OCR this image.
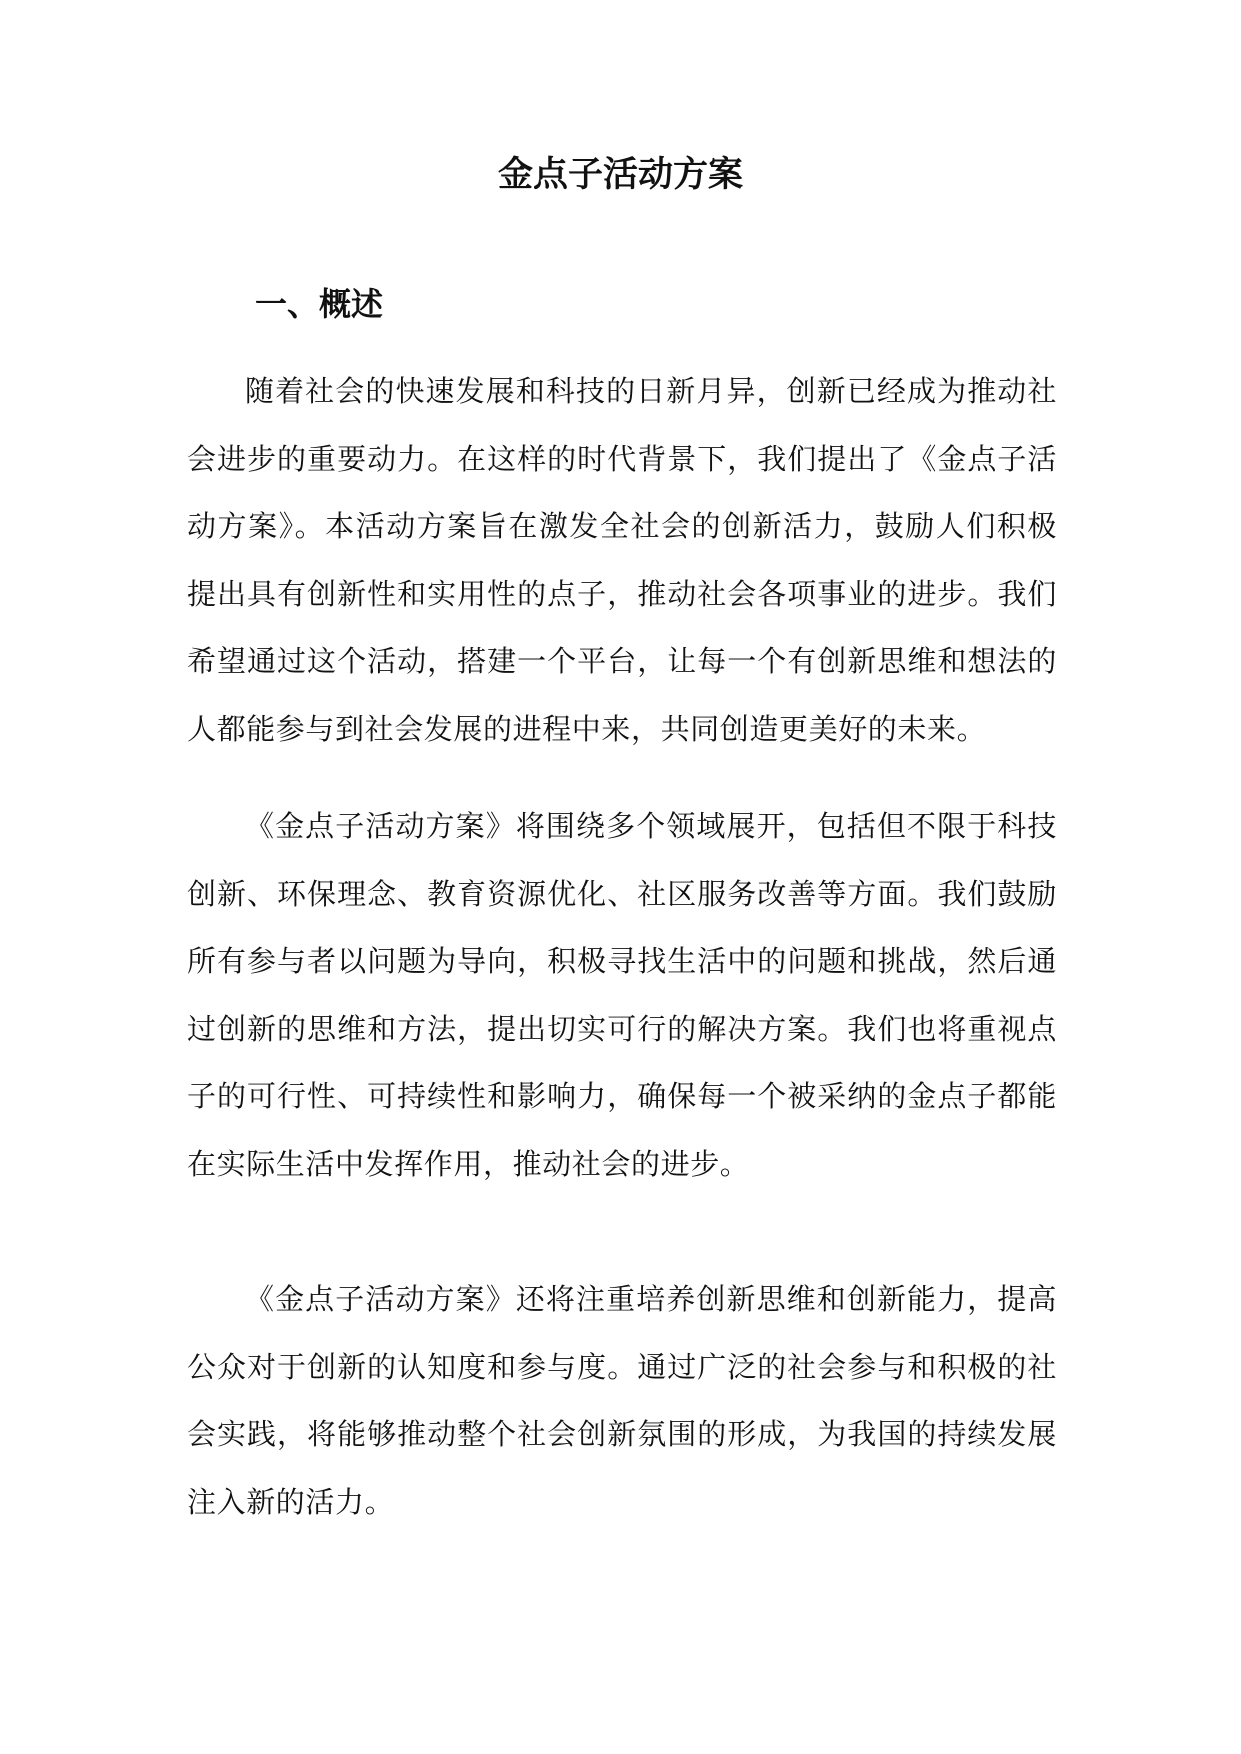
金点子活动方案
一、概述

随着社会的快速发展和科技的日新月异，创新已经成为推动社会进步的重要动力。在这样的时代背景下，我们提出了《金点子活动方案》。本活动方案旨在激发全社会的创新活力，鼓励人们积极提出具有创新性和实用性的点子，推动社会各项事业的进步。我们希望通过这个活动，搭建一个平台，让每一个有创新思维和想法的人都能参与到社会发展的进程中来，共同创造更美好的未来。

《金点子活动方案》将围绕多个领域展开，包括但不限于科技创新、环保理念、教育资源优化、社区服务改善等方面。我们鼓励所有参与者以问题为导向，积极寻找生活中的问题和挑战，然后通过创新的思维和方法，提出切实可行的解决方案。我们也将重视点子的可行性、可持续性和影响力，确保每一个被采纳的金点子都能在实际生活中发挥作用，推动社会的进步。

《金点子活动方案》还将注重培养创新思维和创新能力，提高公众对于创新的认知度和参与度。通过广泛的社会参与和积极的社会实践，将能够推动整个社会创新氛围的形成，为我国的持续发展注入新的活力。
